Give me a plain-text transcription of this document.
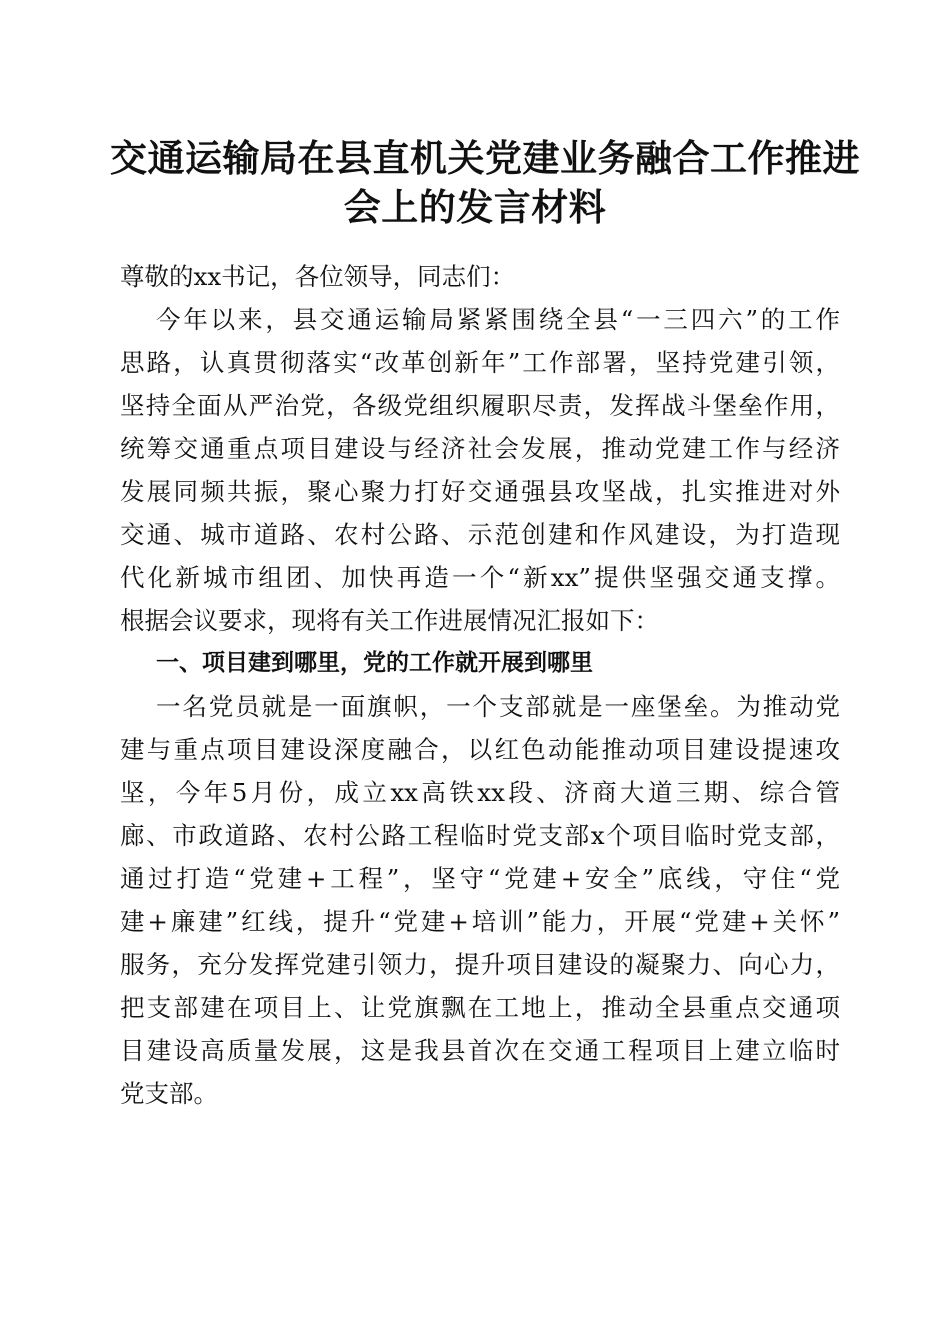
交通运输局在县直机关党建业务融合工作推进
会上的发言材料
尊敬的xx书记，各位领导，同志们：
今年以来，县交通运输局紧紧围绕全县“一三四六”的工作
思路，认真贯彻落实“改革创新年”工作部署，坚持党建引领，
坚持全面从严治党，各级党组织履职尽责，发挥战斗堡垒作用，
统筹交通重点项目建设与经济社会发展，推动党建工作与经济
发展同频共振，聚心聚力打好交通强县攻坚战，扎实推进对外
交通、城市道路、农村公路、示范创建和作风建设，为打造现
代化新城市组团、加快再造一个“新xx”提供坚强交通支撑。
根据会议要求，现将有关工作进展情况汇报如下：
一、项目建到哪里，党的工作就开展到哪里
一名党员就是一面旗帜，一个支部就是一座堡垒。为推动党
建与重点项目建设深度融合，以红色动能推动项目建设提速攻
坚，今年5月份，成立xx高铁xx段、济商大道三期、综合管
廊、市政道路、农村公路工程临时党支部x个项目临时党支部，
通过打造“党建+工程”，坚守“党建+安全”底线，守住“党
建+廉建”红线，提升“党建+培训”能力，开展“党建+关怀”
服务，充分发挥党建引领力，提升项目建设的凝聚力、向心力，
把支部建在项目上、让党旗飘在工地上，推动全县重点交通项
目建设高质量发展，这是我县首次在交通工程项目上建立临时
党支部。
